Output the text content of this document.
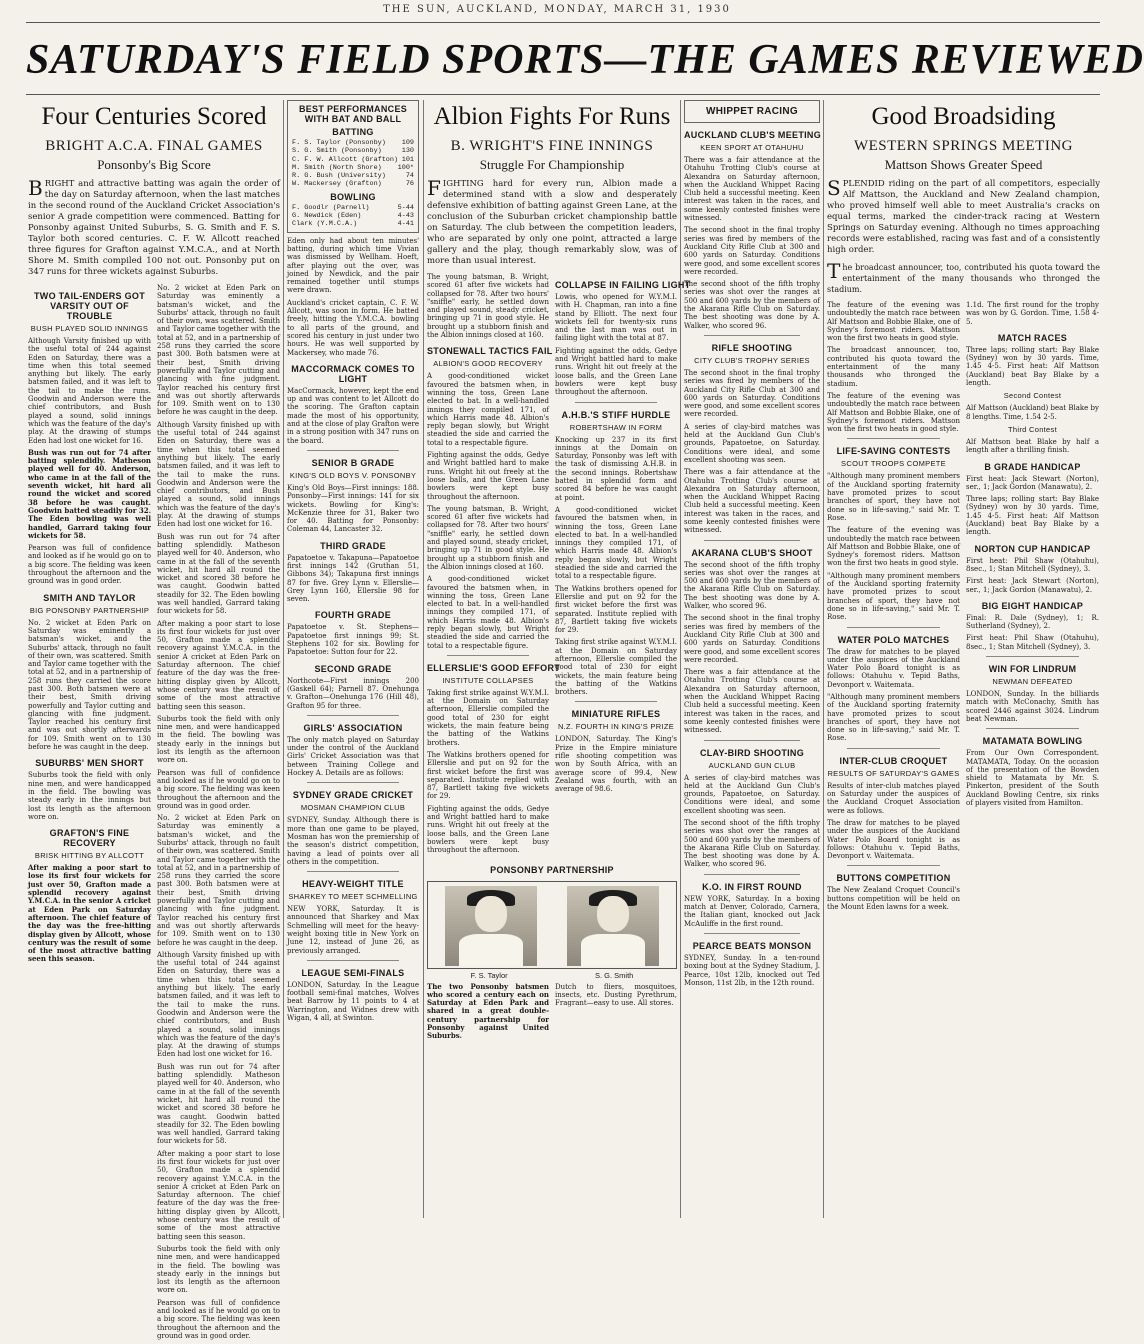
THE SUN, AUCKLAND, MONDAY, MARCH 31, 1930
SATURDAY'S FIELD SPORTS—THE GAMES REVIEWED
Four Centuries Scored
BRIGHT A.C.A. FINAL GAMES
Ponsonby's Big Score

BRIGHT and attractive batting was again the order of the day on Saturday afternoon, when the last matches in the second round of the Auckland Cricket Association's senior A grade competition were commenced. Batting for Ponsonby against United Suburbs, S. G. Smith and F. S. Taylor both scored centuries. C. F. W. Allcott reached three figures for Grafton against Y.M.C.A., and at North Shore M. Smith compiled 100 not out. Ponsonby put on 347 runs for three wickets against Suburbs.

TWO TAIL-ENDERS GOT VARSITY OUT OF TROUBLE
BUSH PLAYED SOLID INNINGS

Although Varsity finished up with the useful total of 244 against Eden on Saturday, there was a time when this total seemed anything but likely. The early batsmen failed, and it was left to the tail to make the runs. Goodwin and Anderson were the chief contributors, and Bush played a sound, solid innings which was the feature of the day's play. At the drawing of stumps Eden had lost one wicket for 16.

Bush was run out for 74 after batting splendidly. Matheson played well for 40. Anderson, who came in at the fall of the seventh wicket, hit hard all round the wicket and scored 38 before he was caught. Goodwin batted steadily for 32. The Eden bowling was well handled, Garrard taking four wickets for 58.

Pearson was full of confidence and looked as if he would go on to a big score. The fielding was keen throughout the afternoon and the ground was in good order.

SMITH AND TAYLOR
BIG PONSONBY PARTNERSHIP

No. 2 wicket at Eden Park on Saturday was eminently a batsman's wicket, and the Suburbs' attack, through no fault of their own, was scattered. Smith and Taylor came together with the total at 52, and in a partnership of 258 runs they carried the score past 300. Both batsmen were at their best, Smith driving powerfully and Taylor cutting and glancing with fine judgment. Taylor reached his century first and was out shortly afterwards for 109. Smith went on to 130 before he was caught in the deep.

SUBURBS' MEN SHORT

Suburbs took the field with only nine men, and were handicapped in the field. The bowling was steady early in the innings but lost its length as the afternoon wore on.

GRAFTON'S FINE RECOVERY
BRISK HITTING BY ALLCOTT

After making a poor start to lose its first four wickets for just over 50, Grafton made a splendid recovery against Y.M.C.A. in the senior A cricket at Eden Park on Saturday afternoon. The chief feature of the day was the free-hitting display given by Allcott, whose century was the result of some of the most attractive batting seen this season.

No. 2 wicket at Eden Park on Saturday was eminently a batsman's wicket, and the Suburbs' attack, through no fault of their own, was scattered. Smith and Taylor came together with the total at 52, and in a partnership of 258 runs they carried the score past 300. Both batsmen were at their best, Smith driving powerfully and Taylor cutting and glancing with fine judgment. Taylor reached his century first and was out shortly afterwards for 109. Smith went on to 130 before he was caught in the deep.

Although Varsity finished up with the useful total of 244 against Eden on Saturday, there was a time when this total seemed anything but likely. The early batsmen failed, and it was left to the tail to make the runs. Goodwin and Anderson were the chief contributors, and Bush played a sound, solid innings which was the feature of the day's play. At the drawing of stumps Eden had lost one wicket for 16.

Bush was run out for 74 after batting splendidly. Matheson played well for 40. Anderson, who came in at the fall of the seventh wicket, hit hard all round the wicket and scored 38 before he was caught. Goodwin batted steadily for 32. The Eden bowling was well handled, Garrard taking four wickets for 58.

After making a poor start to lose its first four wickets for just over 50, Grafton made a splendid recovery against Y.M.C.A. in the senior A cricket at Eden Park on Saturday afternoon. The chief feature of the day was the free-hitting display given by Allcott, whose century was the result of some of the most attractive batting seen this season.

Suburbs took the field with only nine men, and were handicapped in the field. The bowling was steady early in the innings but lost its length as the afternoon wore on.

Pearson was full of confidence and looked as if he would go on to a big score. The fielding was keen throughout the afternoon and the ground was in good order.

No. 2 wicket at Eden Park on Saturday was eminently a batsman's wicket, and the Suburbs' attack, through no fault of their own, was scattered. Smith and Taylor came together with the total at 52, and in a partnership of 258 runs they carried the score past 300. Both batsmen were at their best, Smith driving powerfully and Taylor cutting and glancing with fine judgment. Taylor reached his century first and was out shortly afterwards for 109. Smith went on to 130 before he was caught in the deep.

Although Varsity finished up with the useful total of 244 against Eden on Saturday, there was a time when this total seemed anything but likely. The early batsmen failed, and it was left to the tail to make the runs. Goodwin and Anderson were the chief contributors, and Bush played a sound, solid innings which was the feature of the day's play. At the drawing of stumps Eden had lost one wicket for 16.

Bush was run out for 74 after batting splendidly. Matheson played well for 40. Anderson, who came in at the fall of the seventh wicket, hit hard all round the wicket and scored 38 before he was caught. Goodwin batted steadily for 32. The Eden bowling was well handled, Garrard taking four wickets for 58.

After making a poor start to lose its first four wickets for just over 50, Grafton made a splendid recovery against Y.M.C.A. in the senior A cricket at Eden Park on Saturday afternoon. The chief feature of the day was the free-hitting display given by Allcott, whose century was the result of some of the most attractive batting seen this season.

Suburbs took the field with only nine men, and were handicapped in the field. The bowling was steady early in the innings but lost its length as the afternoon wore on.

Pearson was full of confidence and looked as if he would go on to a big score. The fielding was keen throughout the afternoon and the ground was in good order.

BEST PERFORMANCES WITH BAT AND BALL
BATTING
F. S. Taylor (Ponsonby) 109
S. G. Smith (Ponsonby)	130
C. F. W. Allcott (Grafton) 101
M. Smith (North Shore) 100*
R. G. Bush (University)	74
W. Mackersey (Grafton)	76
BOWLING
F. Goodlr (Parnell)	5-44
G. Newdick (Eden)	4-43
Clark (Y.M.C.A.)	4-41

Eden only had about ten minutes' batting, during which time Vivian was dismissed by Wellham. Hoeft, after playing out the over, was joined by Newdick, and the pair remained together until stumps were drawn.

Auckland's cricket captain, C. F. W. Allcott, was soon in form. He batted freely, hitting the Y.M.C.A. bowling to all parts of the ground, and scored his century in just under two hours. He was well supported by Mackersey, who made 76.

MACCORMACK COMES TO LIGHT

MacCormack, however, kept the end up and was content to let Allcott do the scoring. The Grafton captain made the most of his opportunity, and at the close of play Grafton were in a strong position with 347 runs on the board.

SENIOR B GRADE
KING'S OLD BOYS V. PONSONBY

King's Old Boys—First innings: 188. Ponsonby—First innings: 141 for six wickets. Bowling for King's: McKenzie three for 31, Baker two for 40. Batting for Ponsonby: Coleman 44, Lancaster 32.

THIRD GRADE

Papatoetoe v. Takapuna—Papatoetoe first innings 142 (Gruthan 51, Gibbons 34); Takapuna first innings 87 for five. Grey Lynn v. Ellerslie—Grey Lynn 160, Ellerslie 98 for seven.

FOURTH GRADE

Papatoetoe v. St. Stephens—Papatoetoe first innings 99; St. Stephens 102 for six. Bowling for Papatoetoe: Sutton four for 22.

SECOND GRADE

Northcote—First innings 200 (Gaskell 64); Parnell 87. Onehunga v. Grafton—Onehunga 176 (Hill 48), Grafton 95 for three.

GIRLS' ASSOCIATION

The only match played on Saturday under the control of the Auckland Girls' Cricket Association was that between Training College and Hockey A. Details are as follows:

SYDNEY GRADE CRICKET
MOSMAN CHAMPION CLUB

SYDNEY, Sunday. Although there is more than one game to be played, Mosman has won the premiership of the season's district competition, having a lead of points over all others in the competition.

HEAVY-WEIGHT TITLE
SHARKEY TO MEET SCHMELLING

NEW YORK, Saturday. It is announced that Sharkey and Max Schmelling will meet for the heavy-weight boxing title in New York on June 12, instead of June 26, as previously arranged.

LEAGUE SEMI-FINALS

LONDON, Saturday. In the League football semi-final matches, Wolves beat Barrow by 11 points to 4 at Warrington, and Widnes drew with Wigan, 4 all, at Swinton.

Albion Fights For Runs
B. WRIGHT'S FINE INNINGS
Struggle For Championship

FIGHTING hard for every run, Albion made a determined stand with a slow and desperately defensive exhibition of batting against Green Lane, at the conclusion of the Suburban cricket championship battle on Saturday. The club between the competition leaders, who are separated by only one point, attracted a large gallery and the play, though remarkably slow, was of more than usual interest.

The young batsman, B. Wright, scored 61 after five wickets had collapsed for 78. After two hours' "sniffle" early, he settled down and played sound, steady cricket, bringing up 71 in good style. He brought up a stubborn finish and the Albion innings closed at 160.

STONEWALL TACTICS FAIL
ALBION'S GOOD RECOVERY

A good-conditioned wicket favoured the batsmen when, in winning the toss, Green Lane elected to bat. In a well-handled innings they compiled 171, of which Harris made 48. Albion's reply began slowly, but Wright steadied the side and carried the total to a respectable figure.

Fighting against the odds, Gedye and Wright battled hard to make runs. Wright hit out freely at the loose balls, and the Green Lane bowlers were kept busy throughout the afternoon.

The young batsman, B. Wright, scored 61 after five wickets had collapsed for 78. After two hours' "sniffle" early, he settled down and played sound, steady cricket, bringing up 71 in good style. He brought up a stubborn finish and the Albion innings closed at 160.

A good-conditioned wicket favoured the batsmen when, in winning the toss, Green Lane elected to bat. In a well-handled innings they compiled 171, of which Harris made 48. Albion's reply began slowly, but Wright steadied the side and carried the total to a respectable figure.

ELLERSLIE'S GOOD EFFORT
INSTITUTE COLLAPSES

Taking first strike against W.Y.M.I. at the Domain on Saturday afternoon, Ellerslie compiled the good total of 230 for eight wickets, the main feature being the batting of the Watkins brothers.

The Watkins brothers opened for Ellerslie and put on 92 for the first wicket before the first was separated. Institute replied with 87, Bartlett taking five wickets for 29.

Fighting against the odds, Gedye and Wright battled hard to make runs. Wright hit out freely at the loose balls, and the Green Lane bowlers were kept busy throughout the afternoon.

COLLAPSE IN FAILING LIGHT

Lowis, who opened for W.Y.M.I. with H. Chapman, ran into a fine stand by Elliott. The next four wickets fell for twenty-six runs and the last man was out in failing light with the total at 87.

Fighting against the odds, Gedye and Wright battled hard to make runs. Wright hit out freely at the loose balls, and the Green Lane bowlers were kept busy throughout the afternoon.

A.H.B.'S STIFF HURDLE
ROBERTSHAW IN FORM

Knocking up 237 in its first innings at the Domain on Saturday, Ponsonby was left with the task of dismissing A.H.B. in the second innings. Robertshaw batted in splendid form and scored 84 before he was caught at point.

A good-conditioned wicket favoured the batsmen when, in winning the toss, Green Lane elected to bat. In a well-handled innings they compiled 171, of which Harris made 48. Albion's reply began slowly, but Wright steadied the side and carried the total to a respectable figure.

The Watkins brothers opened for Ellerslie and put on 92 for the first wicket before the first was separated. Institute replied with 87, Bartlett taking five wickets for 29.

Taking first strike against W.Y.M.I. at the Domain on Saturday afternoon, Ellerslie compiled the good total of 230 for eight wickets, the main feature being the batting of the Watkins brothers.

MINIATURE RIFLES
N.Z. FOURTH IN KING'S PRIZE

LONDON, Saturday. The King's Prize in the Empire miniature rifle shooting competition was won by South Africa, with an average score of 99.4, New Zealand was fourth, with an average of 98.6.

PONSONBY PARTNERSHIP
F. S. Taylor	S. G. Smith

The two Ponsonby batsmen who scored a century each on Saturday at Eden Park and shared in a great double-century partnership for Ponsonby against United Suburbs.

Dutch to fliers, mosquitoes, insects, etc. Dusting Pyrethrum, Fragrant—easy to use. All stores.

WHIPPET RACING
AUCKLAND CLUB'S MEETING
KEEN SPORT AT OTAHUHU

There was a fair attendance at the Otahuhu Trotting Club's course at Alexandra on Saturday afternoon, when the Auckland Whippet Racing Club held a successful meeting. Keen interest was taken in the races, and some keenly contested finishes were witnessed.

The second shoot in the final trophy series was fired by members of the Auckland City Rifle Club at 300 and 600 yards on Saturday. Conditions were good, and some excellent scores were recorded.

The second shoot of the fifth trophy series was shot over the ranges at 500 and 600 yards by the members of the Akarana Rifle Club on Saturday. The best shooting was done by A. Walker, who scored 96.

RIFLE SHOOTING
CITY CLUB'S TROPHY SERIES

The second shoot in the final trophy series was fired by members of the Auckland City Rifle Club at 300 and 600 yards on Saturday. Conditions were good, and some excellent scores were recorded.

A series of clay-bird matches was held at the Auckland Gun Club's grounds, Papatoetoe, on Saturday. Conditions were ideal, and some excellent shooting was seen.

There was a fair attendance at the Otahuhu Trotting Club's course at Alexandra on Saturday afternoon, when the Auckland Whippet Racing Club held a successful meeting. Keen interest was taken in the races, and some keenly contested finishes were witnessed.

AKARANA CLUB'S SHOOT

The second shoot of the fifth trophy series was shot over the ranges at 500 and 600 yards by the members of the Akarana Rifle Club on Saturday. The best shooting was done by A. Walker, who scored 96.

The second shoot in the final trophy series was fired by members of the Auckland City Rifle Club at 300 and 600 yards on Saturday. Conditions were good, and some excellent scores were recorded.

There was a fair attendance at the Otahuhu Trotting Club's course at Alexandra on Saturday afternoon, when the Auckland Whippet Racing Club held a successful meeting. Keen interest was taken in the races, and some keenly contested finishes were witnessed.

CLAY-BIRD SHOOTING
AUCKLAND GUN CLUB

A series of clay-bird matches was held at the Auckland Gun Club's grounds, Papatoetoe, on Saturday. Conditions were ideal, and some excellent shooting was seen.

The second shoot of the fifth trophy series was shot over the ranges at 500 and 600 yards by the members of the Akarana Rifle Club on Saturday. The best shooting was done by A. Walker, who scored 96.

K.O. IN FIRST ROUND

NEW YORK, Saturday. In a boxing match at Denver, Colorado, Carnera, the Italian giant, knocked out Jack McAuliffe in the first round.

PEARCE BEATS MONSON

SYDNEY, Sunday. In a ten-round boxing bout at the Sydney Stadium, J. Pearce, 10st 12lb, knocked out Ted Monson, 11st 2lb, in the 12th round.

Good Broadsiding
WESTERN SPRINGS MEETING
Mattson Shows Greater Speed

SPLENDID riding on the part of all competitors, especially Alf Mattson, the Auckland and New Zealand champion, who proved himself well able to meet Australia's cracks on equal terms, marked the cinder-track racing at Western Springs on Saturday evening. Although no times approaching records were established, racing was fast and of a consistently high order.

The broadcast announcer, too, contributed his quota toward the entertainment of the many thousands who thronged the stadium.

The feature of the evening was undoubtedly the match race between Alf Mattson and Bobbie Blake, one of Sydney's foremost riders. Mattson won the first two heats in good style.

The broadcast announcer, too, contributed his quota toward the entertainment of the many thousands who thronged the stadium.

The feature of the evening was undoubtedly the match race between Alf Mattson and Bobbie Blake, one of Sydney's foremost riders. Mattson won the first two heats in good style.

LIFE-SAVING CONTESTS
SCOUT TROOPS COMPETE

"Although many prominent members of the Auckland sporting fraternity have promoted prizes to scout branches of sport, they have not done so in life-saving," said Mr. T. Rose.

The feature of the evening was undoubtedly the match race between Alf Mattson and Bobbie Blake, one of Sydney's foremost riders. Mattson won the first two heats in good style.

"Although many prominent members of the Auckland sporting fraternity have promoted prizes to scout branches of sport, they have not done so in life-saving," said Mr. T. Rose.

WATER POLO MATCHES

The draw for matches to be played under the auspices of the Auckland Water Polo Board tonight is as follows: Otahuhu v. Tepid Baths, Devonport v. Waitemata.

"Although many prominent members of the Auckland sporting fraternity have promoted prizes to scout branches of sport, they have not done so in life-saving," said Mr. T. Rose.

INTER-CLUB CROQUET
RESULTS OF SATURDAY'S GAMES

Results of inter-club matches played on Saturday under the auspices of the Auckland Croquet Association were as follows.

The draw for matches to be played under the auspices of the Auckland Water Polo Board tonight is as follows: Otahuhu v. Tepid Baths, Devonport v. Waitemata.

BUTTONS COMPETITION

The New Zealand Croquet Council's buttons competition will be held on the Mount Eden lawns for a week.

1.1d. The first round for the trophy was won by G. Gordon. Time, 1.58 4-5.

MATCH RACES

Three laps; rolling start: Bay Blake (Sydney) won by 30 yards. Time, 1.45 4-5. First heat: Alf Mattson (Auckland) beat Bay Blake by a length.

Second Contest

Alf Mattson (Auckland) beat Blake by 8 lengths. Time, 1.54 2-5.

Third Contest

Alf Mattson beat Blake by half a length after a thrilling finish.

B GRADE HANDICAP

First heat: Jack Stewart (Norton), ser., 1; Jack Gordon (Manawatu), 2.

Three laps; rolling start: Bay Blake (Sydney) won by 30 yards. Time, 1.45 4-5. First heat: Alf Mattson (Auckland) beat Bay Blake by a length.

NORTON CUP HANDICAP

First heat: Phil Shaw (Otahuhu), 8sec., 1; Stan Mitchell (Sydney), 3.

First heat: Jack Stewart (Norton), ser., 1; Jack Gordon (Manawatu), 2.

BIG EIGHT HANDICAP

Final: R. Dale (Sydney), 1; R. Sutherland (Sydney), 2.

First heat: Phil Shaw (Otahuhu), 8sec., 1; Stan Mitchell (Sydney), 3.

WIN FOR LINDRUM
NEWMAN DEFEATED

LONDON, Sunday. In the billiards match with McConachy, Smith has scored 2446 against 3024. Lindrum beat Newman.

MATAMATA BOWLING

From Our Own Correspondent. MATAMATA, Today. On the occasion of the presentation of the Bowden shield to Matamata by Mr. S. Pinkerton, president of the South Auckland Bowling Centre, six rinks of players visited from Hamilton.
